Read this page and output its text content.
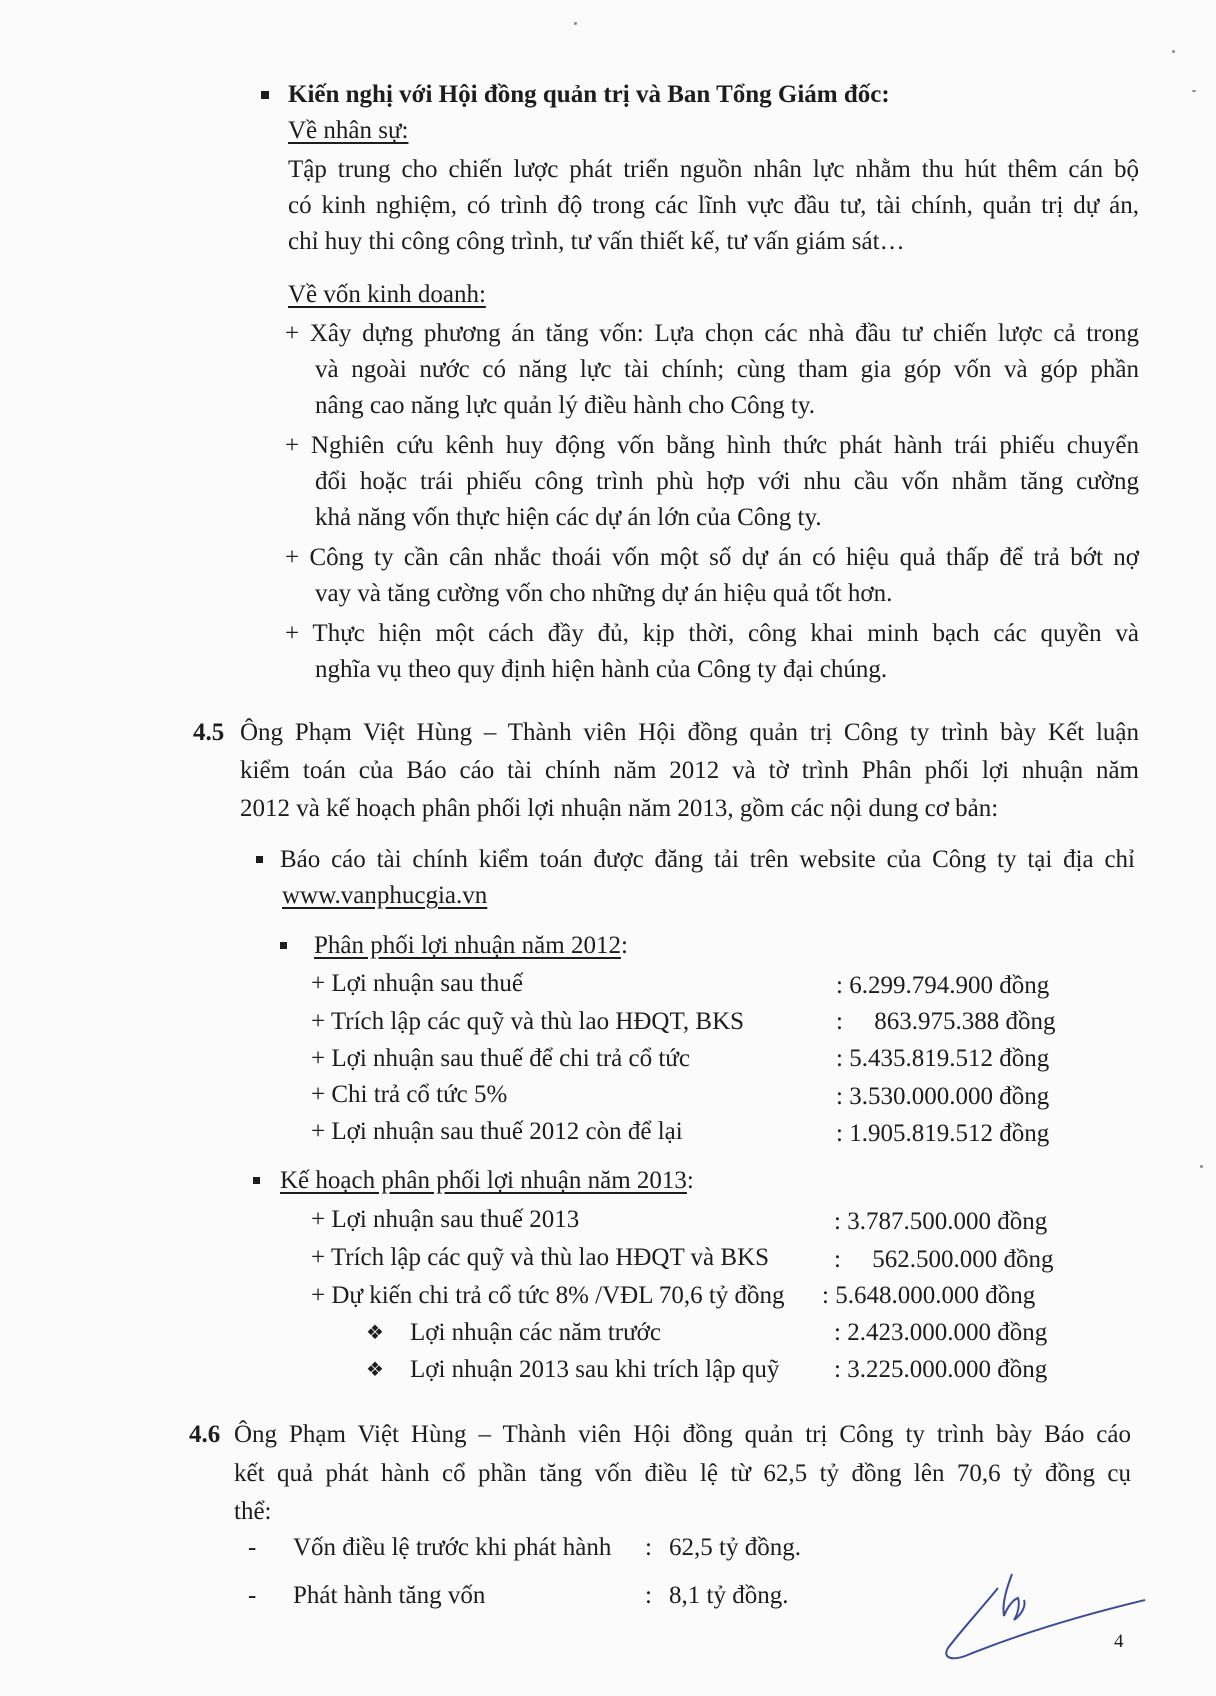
Kiến nghị với Hội đồng quản trị và Ban Tổng Giám đốc:
Về nhân sự:
Tập trung cho chiến lược phát triển nguồn nhân lực nhằm thu hút thêm cán bộ
có kinh nghiệm, có trình độ trong các lĩnh vực đầu tư, tài chính, quản trị dự án,
chỉ huy thi công công trình, tư vấn thiết kế, tư vấn giám sát…
Về vốn kinh doanh:
+ Xây dựng phương án tăng vốn: Lựa chọn các nhà đầu tư chiến lược cả trong
và ngoài nước có năng lực tài chính; cùng tham gia góp vốn và góp phần
nâng cao năng lực quản lý điều hành cho Công ty.
+ Nghiên cứu kênh huy động vốn bằng hình thức phát hành trái phiếu chuyển
đổi hoặc trái phiếu công trình phù hợp với nhu cầu vốn nhằm tăng cường
khả năng vốn thực hiện các dự án lớn của Công ty.
+ Công ty cần cân nhắc thoái vốn một số dự án có hiệu quả thấp để trả bớt nợ
vay và tăng cường vốn cho những dự án hiệu quả tốt hơn.
+ Thực hiện một cách đầy đủ, kịp thời, công khai minh bạch các quyền và
nghĩa vụ theo quy định hiện hành của Công ty đại chúng.
4.5 Ông Phạm Việt Hùng – Thành viên Hội đồng quản trị Công ty trình bày Kết luận
kiểm toán của Báo cáo tài chính năm 2012 và tờ trình Phân phối lợi nhuận năm
2012 và kế hoạch phân phối lợi nhuận năm 2013, gồm các nội dung cơ bản:
Báo cáo tài chính kiểm toán được đăng tải trên website của Công ty tại địa chỉ
www.vanphucgia.vn
Phân phối lợi nhuận năm 2012:
+ Lợi nhuận sau thuế	: 6.299.794.900 đồng
+ Trích lập các quỹ và thù lao HĐQT, BKS	:     863.975.388 đồng
+ Lợi nhuận sau thuế để chi trả cổ tức	: 5.435.819.512 đồng
+ Chi trả cổ tức 5%	: 3.530.000.000 đồng
+ Lợi nhuận sau thuế 2012 còn để lại	: 1.905.819.512 đồng
Kế hoạch phân phối lợi nhuận năm 2013:
+ Lợi nhuận sau thuế 2013	: 3.787.500.000 đồng
+ Trích lập các quỹ và thù lao HĐQT và BKS	:     562.500.000 đồng
+ Dự kiến chi trả cổ tức 8% /VĐL 70,6 tỷ đồng : 5.648.000.000 đồng
❖ Lợi nhuận các năm trước	: 2.423.000.000 đồng
❖ Lợi nhuận 2013 sau khi trích lập quỹ : 3.225.000.000 đồng
4.6 Ông Phạm Việt Hùng – Thành viên Hội đồng quản trị Công ty trình bày Báo cáo
kết quả phát hành cổ phần tăng vốn điều lệ từ 62,5 tỷ đồng lên 70,6 tỷ đồng cụ
thể:
- Vốn điều lệ trước khi phát hành : 62,5 tỷ đồng.
- Phát hành tăng vốn	: 8,1 tỷ đồng.
4
